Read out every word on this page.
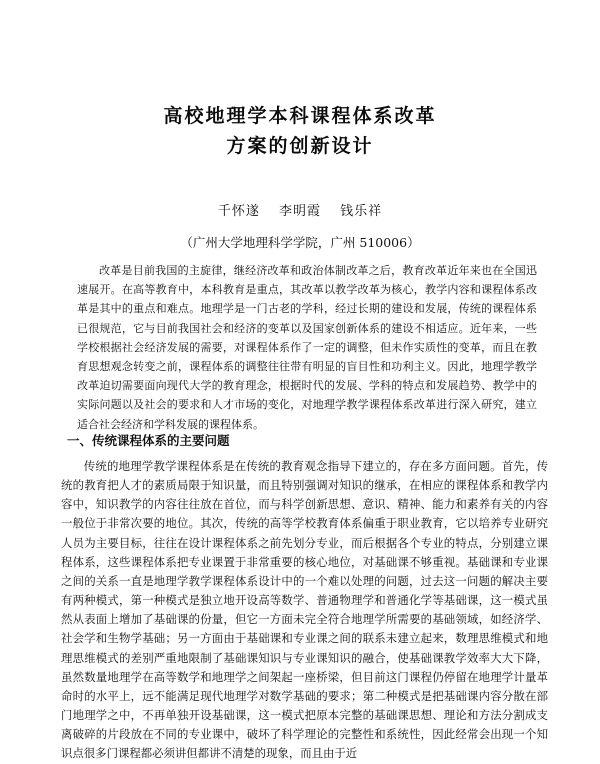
高校地理学本科课程体系改革
方案的创新设计
千怀遂 李明霞 钱乐祥
（广州大学地理科学学院，广州 510006）

改革是目前我国的主旋律，继经济改革和政治体制改革之后，教育改革近年来也在全国迅速展开。在高等教育中，本科教育是重点，其改革以教学改革为核心，教学内容和课程体系改革是其中的重点和难点。地理学是一门古老的学科，经过长期的建设和发展，传统的课程体系已很规范，它与目前我国社会和经济的变革以及国家创新体系的建设不相适应。近年来，一些学校根据社会经济发展的需要，对课程体系作了一定的调整，但未作实质性的变革，而且在教育思想观念转变之前，课程体系的调整往往带有明显的盲目性和功利主义。因此，地理学教学改革迫切需要面向现代大学的教育理念，根据时代的发展、学科的特点和发展趋势、教学中的实际问题以及社会的要求和人才市场的变化，对地理学教学课程体系改革进行深入研究，建立适合社会经济和学科发展的课程体系。

一、传统课程体系的主要问题

传统的地理学教学课程体系是在传统的教育观念指导下建立的，存在多方面问题。首先，传统的教育把人才的素质局限于知识量，而且特别强调对知识的继承，在相应的课程体系和教学内容中，知识教学的内容往往放在首位，而与科学创新思想、意识、精神、能力和素养有关的内容一般位于非常次要的地位。其次，传统的高等学校教育体系偏重于职业教育，它以培养专业研究人员为主要目标，往往在设计课程体系之前先划分专业，而后根据各个专业的特点，分别建立课程体系，这些课程体系把专业课置于非常重要的核心地位，对基础课不够重视。基础课和专业课之间的关系一直是地理学教学课程体系设计中的一个难以处理的问题，过去这一问题的解决主要有两种模式，第一种模式是独立地开设高等数学、普通物理学和普通化学等基础课，这一模式虽然从表面上增加了基础课的份量，但它一方面未完全符合地理学所需要的基础领域，如经济学、社会学和生物学基础；另一方面由于基础课和专业课之间的联系未建立起来，数理思维模式和地理思维模式的差别严重地限制了基础课知识与专业课知识的融合，使基础课教学效率大大下降，虽然数量地理学在高等数学和地理学之间架起一座桥梁，但目前这门课程仍停留在地理学计量革命时的水平上，远不能满足现代地理学对数学基础的要求；第二种模式是把基础课内容分散在部门地理学之中，不再单独开设基础课，这一模式把原本完整的基础课思想、理论和方法分割成支离破碎的片段放在不同的专业课中，破坏了科学理论的完整性和系统性，因此经常会出现一个知识点很多门课程都必须讲但都讲不清楚的现象，而且由于近
